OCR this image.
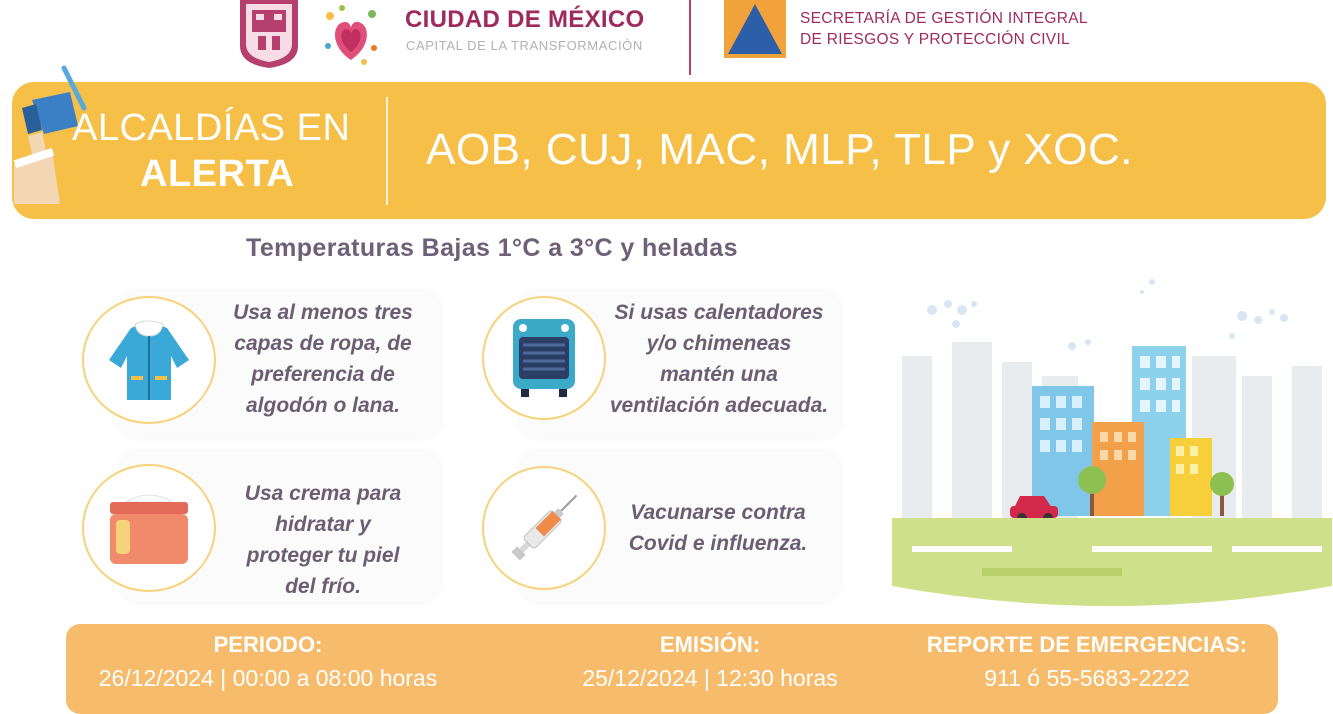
CIUDAD DE MÉXICO
CAPITAL DE LA TRANSFORMACIÓN
SECRETARÍA DE GESTIÓN INTEGRAL
DE RIESGOS Y PROTECCIÓN CIVIL
ALCALDÍAS EN
ALERTA	AOB, CUJ, MAC, MLP, TLP y XOC.
Temperaturas Bajas 1°C a 3°C y heladas
Usa al menos tres
capas de ropa, de
preferencia de
algodón o lana.
Si usas calentadores
y/o chimeneas
mantén una
ventilación adecuada.
Usa crema para
hidratar y
proteger tu piel
del frío.
Vacunarse contra
Covid e influenza.
PERIODO:
26/12/2024 | 00:00 a 08:00 horas
EMISIÓN:
25/12/2024 | 12:30 horas
REPORTE DE EMERGENCIAS:
911 ó 55-5683-2222
